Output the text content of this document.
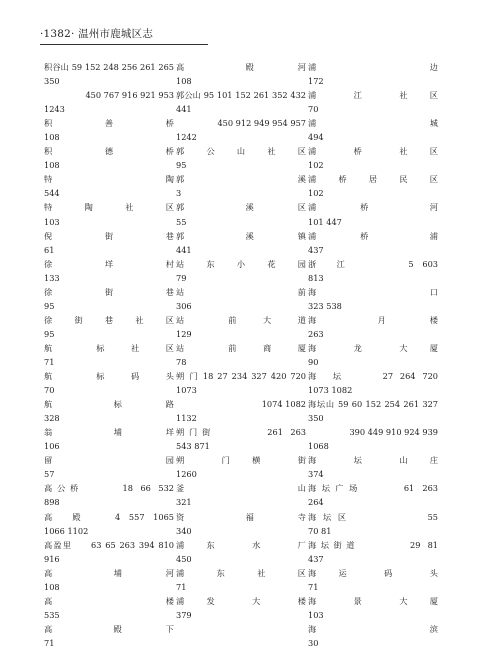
·1382· 温州市鹿城区志
积谷山 59 152 248 256 261 265
350
450 767 916 921 953
1243
积　　善　　桥
108
积　　德　　桥
108
特　　　　　陶
544
特　陶　社　区
103
倪　　街　　巷
61
徐　　垟　　村
133
徐　　街　　巷
95
徐　街　巷　社　区
95
航　　标　社　区
71
航　　标　码　头
70
航　　　标　　路
328
翁　　　埔　　垟
106
留　　　　　　园
57
高公桥　　　18 66 532
898
高　殿　　4 557 1065
1066 1102
高盈里　　63 65 263 394 810
916
高　　　埔　　河
108
高　　　　　　楼
535
高　　　殿　　下
71
高　　　殿　　河
108
郭公山 95 101 152 261 352 432
441
450 912 949 954 957
1242
郭　公　山　社　区
95
郭　　　　　　溪
3
郭　　　溪　　区
55
郭　　　溪　　镇
441
站　东　小　花　园
79
站　　　　　　前
306
站　　前　大　道
129
站　　前　商　厦
78
朔 门 18 27 234 327 420 720
1073
1074 1082
1132
朔门街　　　　261 263
543 871
朔　　门　横　　街
1260
釜　　　　　　山
321
资　　　福　　寺
340
浦　东　　水　　厂
450
浦　东　社　区
71
浦　发　　大　　楼
379
浦　　　　　　边
172
浦　　江　　社　区
70
浦　　　　　　城
494
浦　　桥　　社　区
102
浦　桥　居　民　区
102
浦　　桥　　　河
101 447
浦　　桥　　　浦
437
浙　江　　　　5 603
813
海　　　　　　口
323 538
海　　　月　　楼
263
海　　龙　　大　厦
90
海　坛　　　27 264 720
1073 1082
海坛山 59 60 152 254 261 327
350
390 449 910 924 939
1068
海　　坛　　山　庄
374
海坛广场　　　61 263
264
海坛区　　　　　55
70 81
海坛街道　　　　29 81
437
海　运　　码　　头
71
海　　景　　大　厦
103
海　　　　　　滨
30
